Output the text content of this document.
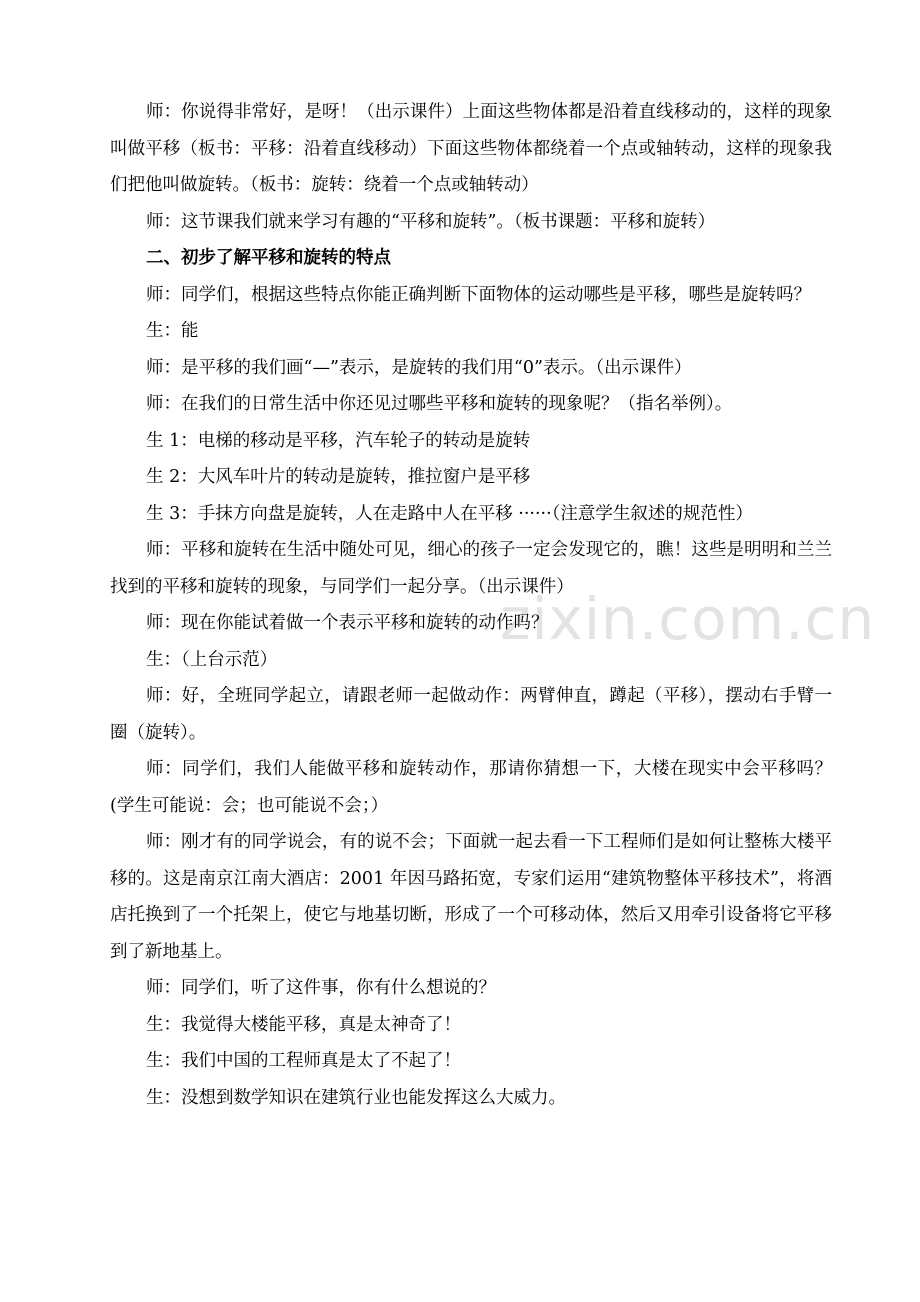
zixin.com.cn

师：你说得非常好，是呀！（出示课件）上面这些物体都是沿着直线移动的，这样的现象叫做平移（板书：平移：沿着直线移动）下面这些物体都绕着一个点或轴转动，这样的现象我们把他叫做旋转。（板书：旋转：绕着一个点或轴转动）

师：这节课我们就来学习有趣的“平移和旋转”。（板书课题：平移和旋转）

二、初步了解平移和旋转的特点

师：同学们，根据这些特点你能正确判断下面物体的运动哪些是平移，哪些是旋转吗？

生：能

师：是平移的我们画“—”表示，是旋转的我们用“0”表示。（出示课件）

师：在我们的日常生活中你还见过哪些平移和旋转的现象呢？（指名举例）。

生 1：电梯的移动是平移，汽车轮子的转动是旋转

生 2：大风车叶片的转动是旋转，推拉窗户是平移

生 3：手抹方向盘是旋转，人在走路中人在平移 ······（注意学生叙述的规范性）

师：平移和旋转在生活中随处可见，细心的孩子一定会发现它的，瞧！这些是明明和兰兰找到的平移和旋转的现象，与同学们一起分享。（出示课件）

师：现在你能试着做一个表示平移和旋转的动作吗？

生：（上台示范）

师：好，全班同学起立，请跟老师一起做动作：两臂伸直，蹲起（平移），摆动右手臂一圈（旋转）。

师：同学们，我们人能做平移和旋转动作，那请你猜想一下，大楼在现实中会平移吗？(学生可能说：会；也可能说不会；）

师：刚才有的同学说会，有的说不会；下面就一起去看一下工程师们是如何让整栋大楼平移的。这是南京江南大酒店：2001 年因马路拓宽，专家们运用“建筑物整体平移技术”，将酒店托换到了一个托架上，使它与地基切断，形成了一个可移动体，然后又用牵引设备将它平移到了新地基上。

师：同学们，听了这件事，你有什么想说的？

生：我觉得大楼能平移，真是太神奇了！

生：我们中国的工程师真是太了不起了！

生：没想到数学知识在建筑行业也能发挥这么大威力。
